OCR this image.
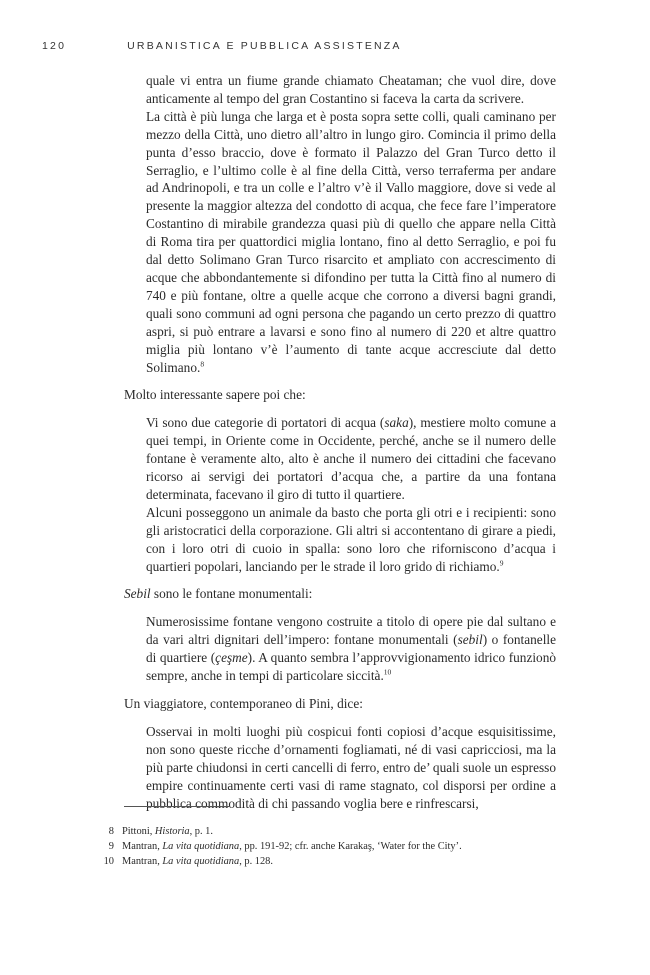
120	URBANISTICA E PUBBLICA ASSISTENZA

quale vi entra un fiume grande chiamato Cheataman; che vuol dire, dove anticamente al tempo del gran Costantino si faceva la carta da scrivere.

La città è più lunga che larga et è posta sopra sette colli, quali caminano per mezzo della Città, uno dietro all’altro in lungo giro. Comincia il primo della punta d’esso braccio, dove è formato il Palazzo del Gran Turco detto il Serraglio, e l’ultimo colle è al fine della Città, verso terraferma per andare ad Andrinopoli, e tra un colle e l’altro v’è il Vallo maggiore, dove si vede al presente la maggior altezza del condotto di acqua, che fece fare l’imperatore Costantino di mirabile grandezza quasi più di quello che appare nella Città di Roma tira per quattordici miglia lontano, fino al detto Serraglio, e poi fu dal detto Solimano Gran Turco risarcito et ampliato con accrescimento di acque che abbondantemente si difondino per tutta la Città fino al numero di 740 e più fontane, oltre a quelle acque che corrono a diversi bagni grandi, quali sono communi ad ogni persona che pagando un certo prezzo di quattro aspri, si può entrare a lavarsi e sono fino al numero di 220 et altre quattro miglia più lontano v’è l’aumento di tante acque accresciute dal detto Solimano.$^8$

Molto interessante sapere poi che:

Vi sono due categorie di portatori di acqua (saka), mestiere molto comune a quei tempi, in Oriente come in Occidente, perché, anche se il numero delle fontane è veramente alto, alto è anche il numero dei cittadini che facevano ricorso ai servigi dei portatori d’acqua che, a partire da una fontana determinata, facevano il giro di tutto il quartiere.

Alcuni posseggono un animale da basto che porta gli otri e i recipienti: sono gli aristocratici della corporazione. Gli altri si accontentano di girare a piedi, con i loro otri di cuoio in spalla: sono loro che riforniscono d’acqua i quartieri popolari, lanciando per le strade il loro grido di richiamo.$^9$

Sebil sono le fontane monumentali:

Numerosissime fontane vengono costruite a titolo di opere pie dal sultano e da vari altri dignitari dell’impero: fontane monumentali (sebil) o fontanelle di quartiere (çeşme). A quanto sembra l’approvvigionamento idrico funzionò sempre, anche in tempi di particolare siccità.$^{10}$

Un viaggiatore, contemporaneo di Pini, dice:

Osservai in molti luoghi più cospicui fonti copiosi d’acque esquisitissime, non sono queste ricche d’ornamenti fogliamati, né di vasi capricciosi, ma la più parte chiudonsi in certi cancelli di ferro, entro de’ quali suole un espresso empire continuamente certi vasi di rame stagnato, col disporsi per ordine a pubblica commodità di chi passando voglia bere e rinfrescarsi,

8 Pittoni, Historia, p. 1.
9 Mantran, La vita quotidiana, pp. 191-92; cfr. anche Karakaş, ‘Water for the City’.
10 Mantran, La vita quotidiana, p. 128.
